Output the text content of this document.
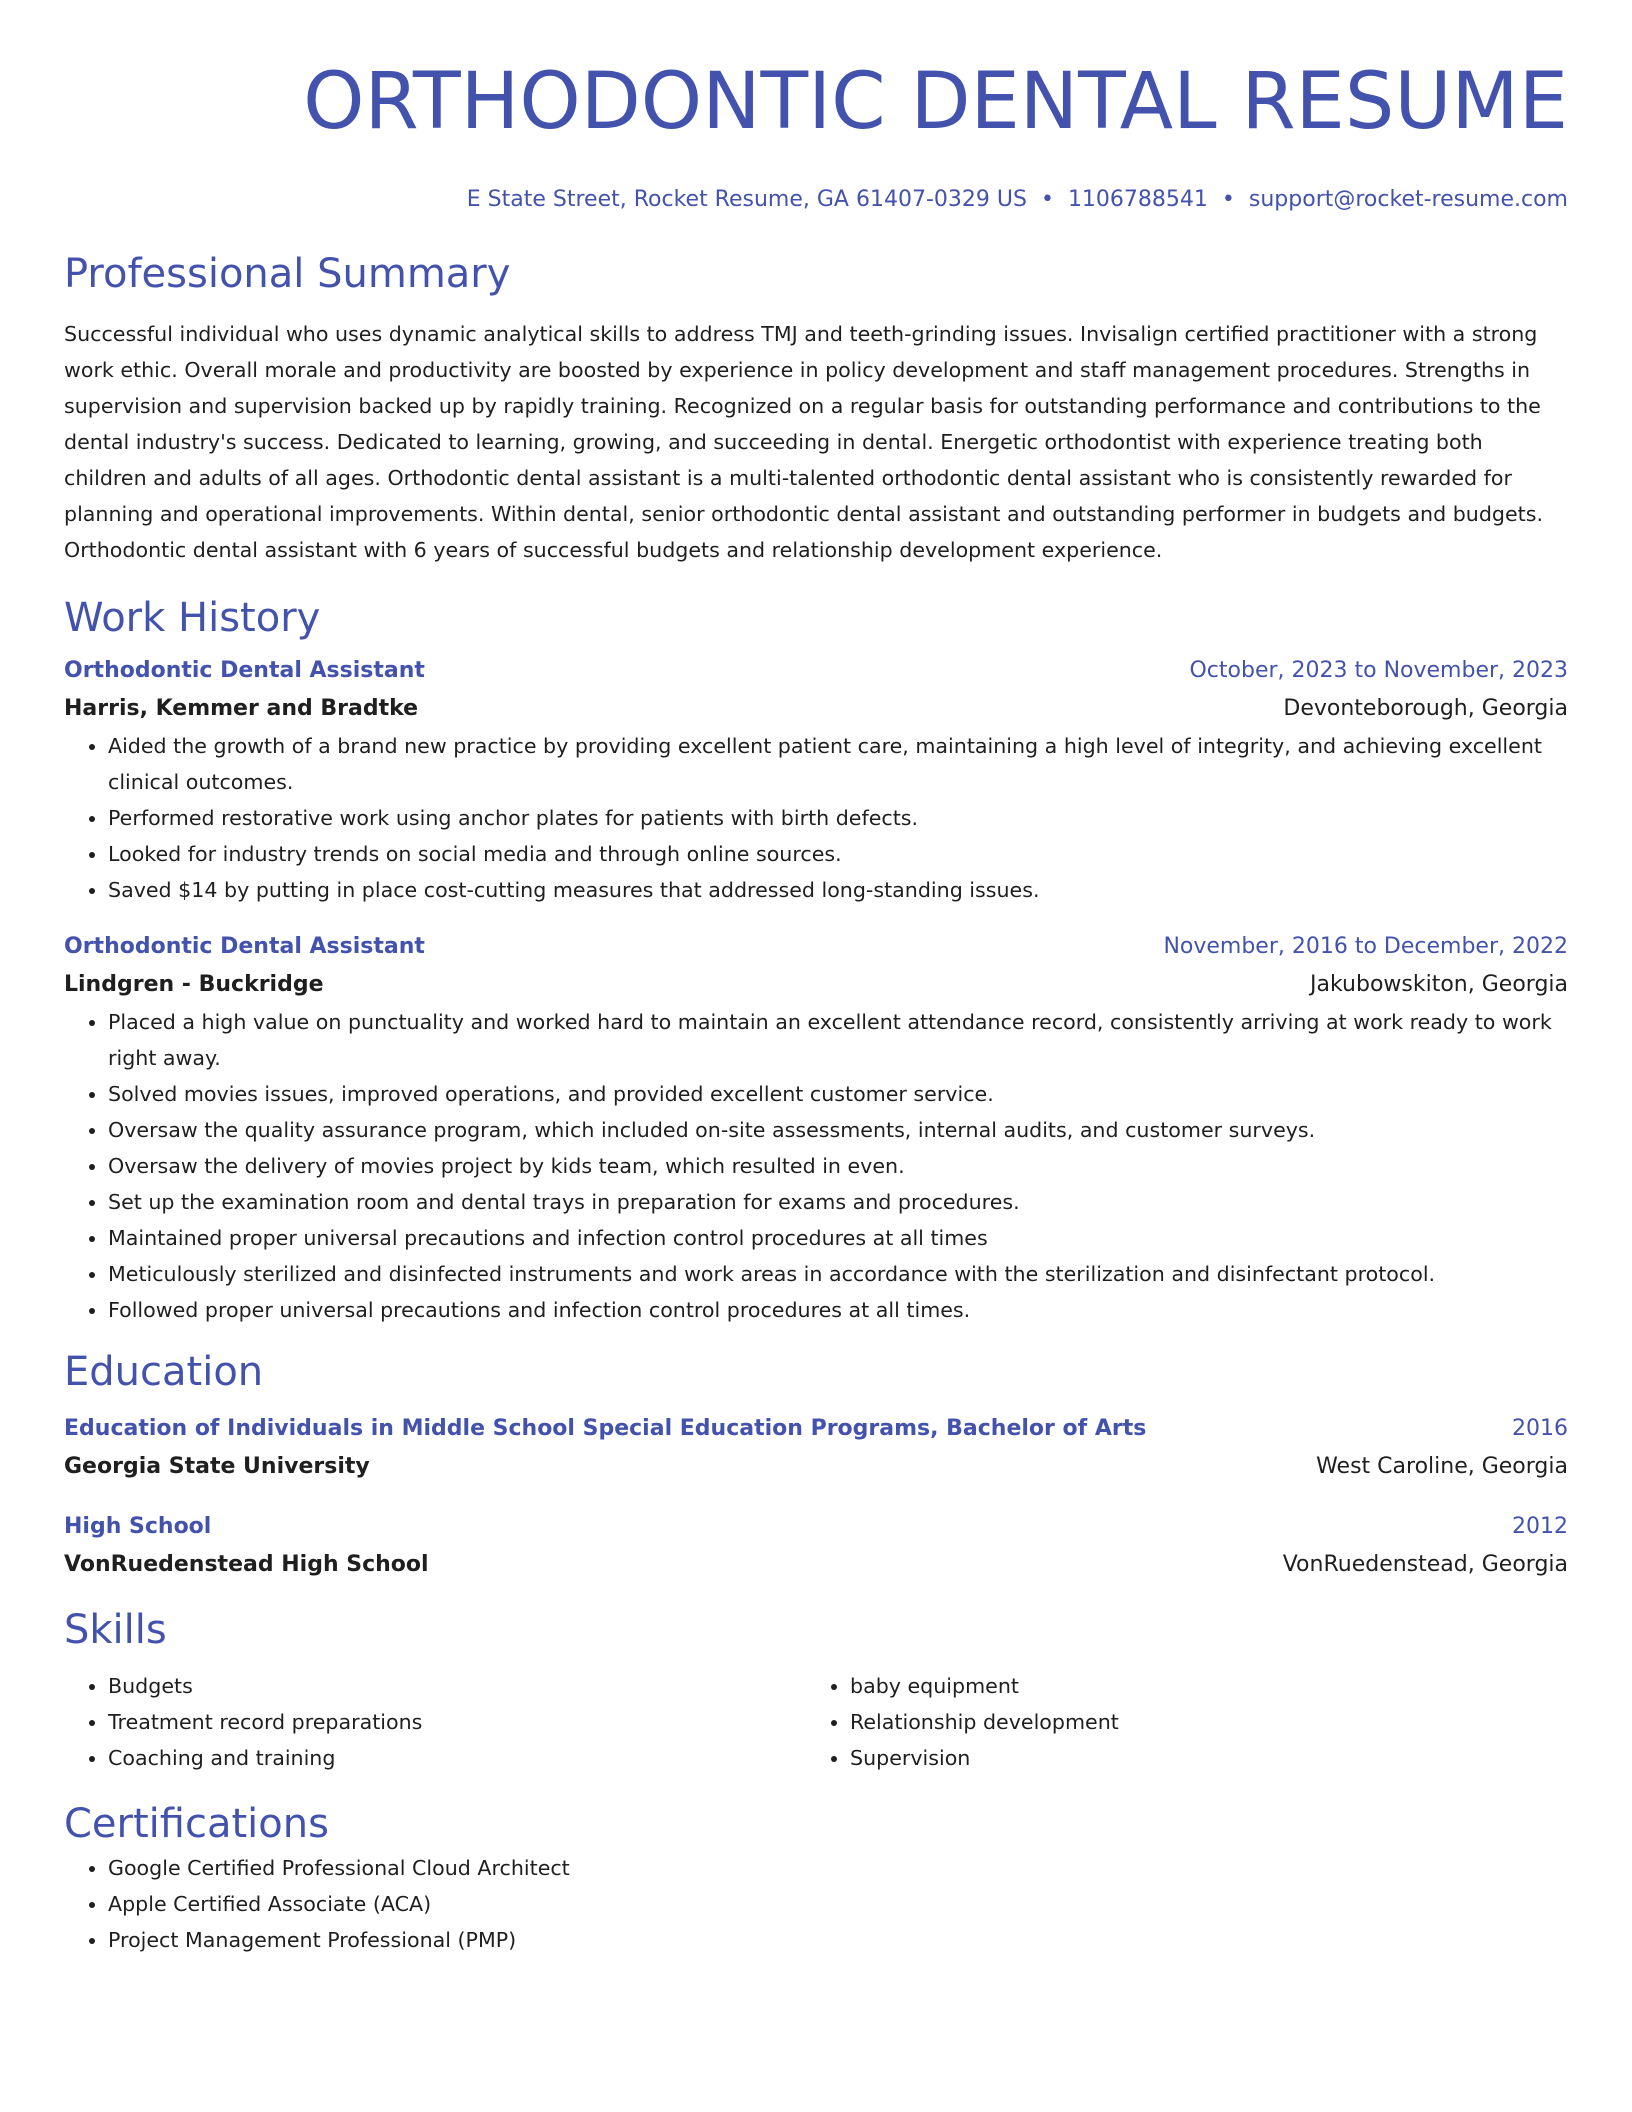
ORTHODONTIC DENTAL RESUME
E State Street, Rocket Resume, GA 61407-0329 US • 1106788541 • support@rocket-resume.com
Professional Summary

Successful individual who uses dynamic analytical skills to address TMJ and teeth-grinding issues. Invisalign certified practitioner with a strong work ethic. Overall morale and productivity are boosted by experience in policy development and staff management procedures. Strengths in supervision and supervision backed up by rapidly training. Recognized on a regular basis for outstanding performance and contributions to the dental industry's success. Dedicated to learning, growing, and succeeding in dental. Energetic orthodontist with experience treating both children and adults of all ages. Orthodontic dental assistant is a multi-talented orthodontic dental assistant who is consistently rewarded for planning and operational improvements. Within dental, senior orthodontic dental assistant and outstanding performer in budgets and budgets. Orthodontic dental assistant with 6 years of successful budgets and relationship development experience.

Work History
Orthodontic Dental Assistant	October, 2023 to November, 2023
Harris, Kemmer and Bradtke	Devonteborough, Georgia
• Aided the growth of a brand new practice by providing excellent patient care, maintaining a high level of integrity, and achieving excellent clinical outcomes.
• Performed restorative work using anchor plates for patients with birth defects.
• Looked for industry trends on social media and through online sources.
• Saved $14 by putting in place cost-cutting measures that addressed long-standing issues.
Orthodontic Dental Assistant	November, 2016 to December, 2022
Lindgren - Buckridge	Jakubowskiton, Georgia
• Placed a high value on punctuality and worked hard to maintain an excellent attendance record, consistently arriving at work ready to work right away.
• Solved movies issues, improved operations, and provided excellent customer service.
• Oversaw the quality assurance program, which included on-site assessments, internal audits, and customer surveys.
• Oversaw the delivery of movies project by kids team, which resulted in even.
• Set up the examination room and dental trays in preparation for exams and procedures.
• Maintained proper universal precautions and infection control procedures at all times
• Meticulously sterilized and disinfected instruments and work areas in accordance with the sterilization and disinfectant protocol.
• Followed proper universal precautions and infection control procedures at all times.
Education
Education of Individuals in Middle School Special Education Programs, Bachelor of Arts	2016
Georgia State University	West Caroline, Georgia
High School	2012
VonRuedenstead High School	VonRuedenstead, Georgia
Skills
• Budgets
• Treatment record preparations
• Coaching and training
• baby equipment
• Relationship development
• Supervision
Certifications
• Google Certified Professional Cloud Architect
• Apple Certified Associate (ACA)
• Project Management Professional (PMP)
